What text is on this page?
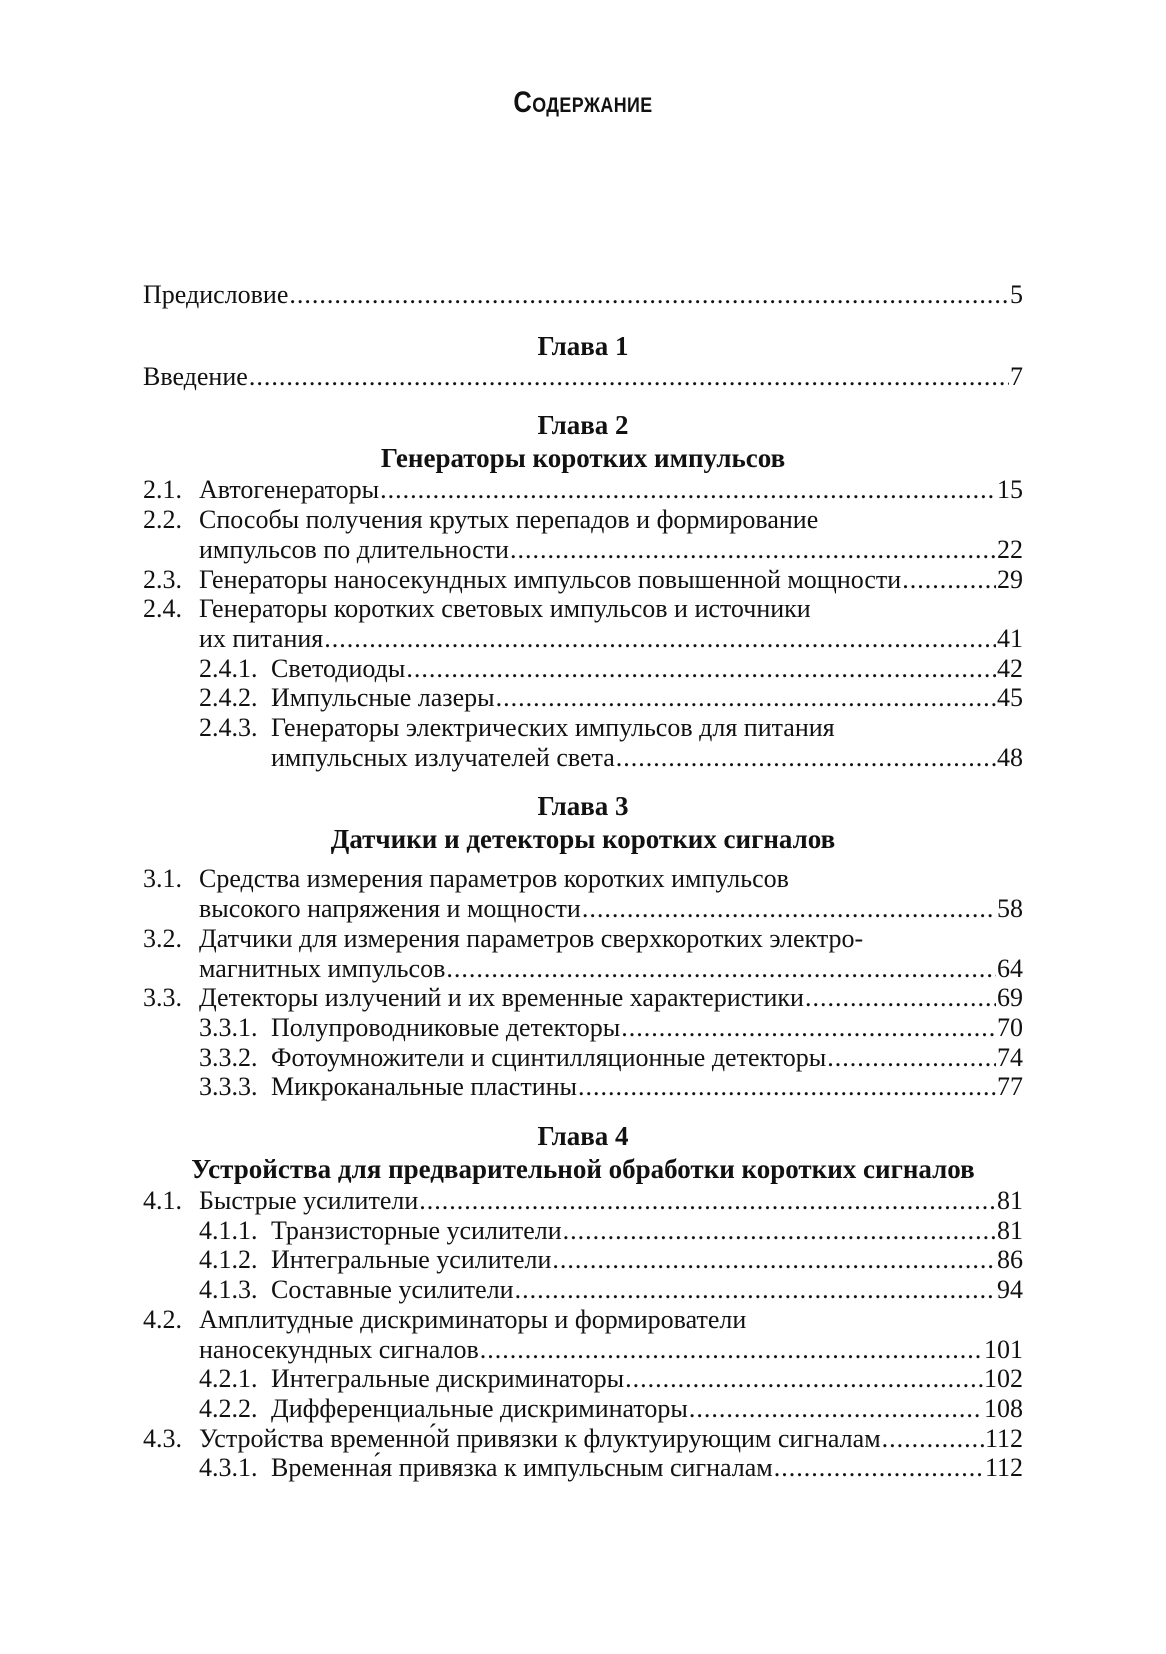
Содержание
Предисловие .....	5
Глава 1
Введение .....	7
Глава 2
Генераторы коротких импульсов
2.1. Автогенераторы .....	15
2.2. Способы получения крутых перепадов и формирование
импульсов по длительности .....	22
2.3. Генераторы наносекундных импульсов повышенной мощности .....	29
2.4. Генераторы коротких световых импульсов и источники
их питания .....	41
2.4.1. Светодиоды .....	42
2.4.2. Импульсные лазеры .....	45
2.4.3. Генераторы электрических импульсов для питания
импульсных излучателей света .....	48
Глава 3
Датчики и детекторы коротких сигналов
3.1. Средства измерения параметров коротких импульсов
высокого напряжения и мощности .....	58
3.2. Датчики для измерения параметров сверхкоротких электро-
магнитных импульсов .....	64
3.3. Детекторы излучений и их временные характеристики .....	69
3.3.1. Полупроводниковые детекторы .....	70
3.3.2. Фотоумножители и сцинтилляционные детекторы .....	74
3.3.3. Микроканальные пластины .....	77
Глава 4
Устройства для предварительной обработки коротких сигналов
4.1. Быстрые усилители .....	81
4.1.1. Транзисторные усилители .....	81
4.1.2. Интегральные усилители .....	86
4.1.3. Составные усилители .....	94
4.2. Амплитудные дискриминаторы и формирователи
наносекундных сигналов .....	101
4.2.1. Интегральные дискриминаторы .....	102
4.2.2. Дифференциальные дискриминаторы .....	108
4.3. Устройства временно́й привязки к флуктуирующим сигналам .....	112
4.3.1. Временна́я привязка к импульсным сигналам .....	112
